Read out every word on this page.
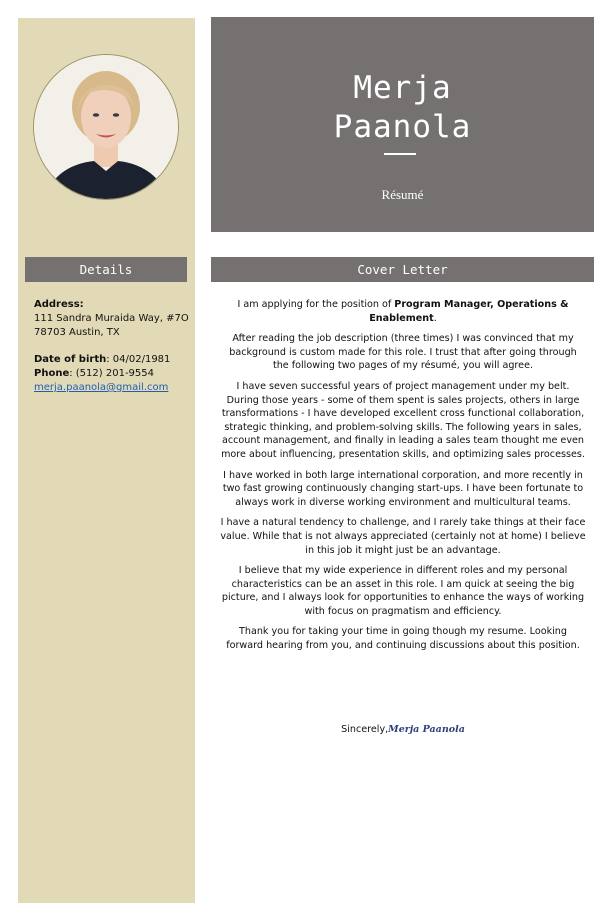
Merja
Paanola
Résumé
Details	Cover Letter

Address:

111 Sandra Muraida Way, #7O

78703 Austin, TX

Date of birth: 04/02/1981

Phone: (512) 201-9554

merja.paanola@gmail.com

I am applying for the position of Program Manager, Operations & Enablement.

After reading the job description (three times) I was convinced that my background is custom made for this role. I trust that after going through the following two pages of my résumé, you will agree.

I have seven successful years of project management under my belt. During those years - some of them spent is sales projects, others in large transformations - I have developed excellent cross functional collaboration, strategic thinking, and problem-solving skills. The following years in sales, account management, and finally in leading a sales team thought me even more about influencing, presentation skills, and optimizing sales processes.

I have worked in both large international corporation, and more recently in two fast growing continuously changing start-ups. I have been fortunate to always work in diverse working environment and multicultural teams.

I have a natural tendency to challenge, and I rarely take things at their face value. While that is not always appreciated (certainly not at home) I believe in this job it might just be an advantage.

I believe that my wide experience in different roles and my personal characteristics can be an asset in this role. I am quick at seeing the big picture, and I always look for opportunities to enhance the ways of working with focus on pragmatism and efficiency.

Thank you for taking your time in going though my resume. Looking forward hearing from you, and continuing discussions about this position.

Sincerely,Merja Paanola
